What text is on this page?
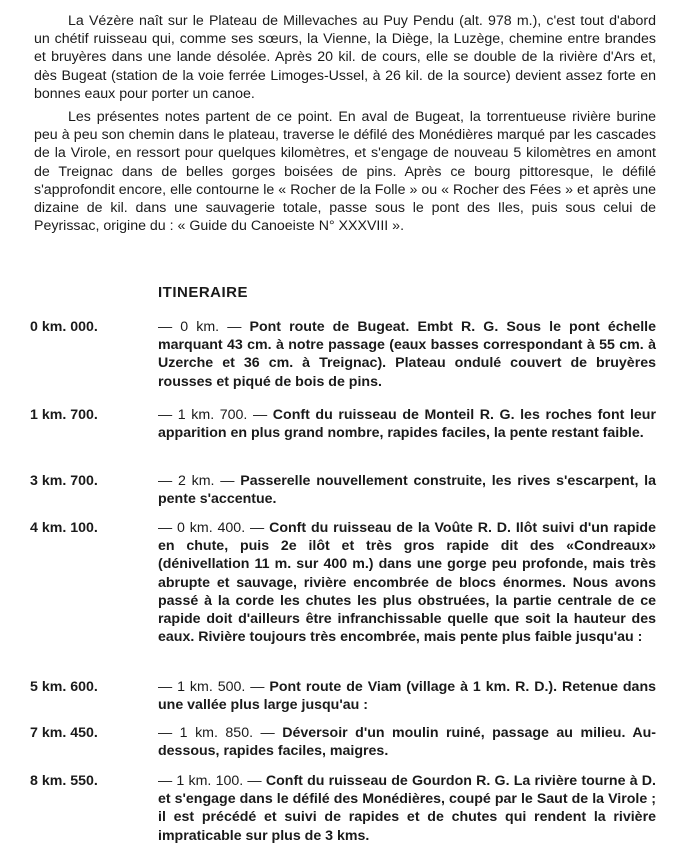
La Vézère naît sur le Plateau de Millevaches au Puy Pendu (alt. 978 m.), c'est tout d'abord un chétif ruisseau qui, comme ses sœurs, la Vienne, la Diège, la Luzège, chemine entre brandes et bruyères dans une lande désolée. Après 20 kil. de cours, elle se double de la rivière d'Ars et, dès Bugeat (station de la voie ferrée Limoges-Ussel, à 26 kil. de la source) devient assez forte en bonnes eaux pour porter un canoe.

Les présentes notes partent de ce point. En aval de Bugeat, la torrentueuse rivière burine peu à peu son chemin dans le plateau, traverse le défilé des Monédières marqué par les cascades de la Virole, en ressort pour quelques kilomètres, et s'engage de nouveau 5 kilomètres en amont de Treignac dans de belles gorges boisées de pins. Après ce bourg pittoresque, le défilé s'approfondit encore, elle contourne le « Rocher de la Folle » ou « Rocher des Fées » et après une dizaine de kil. dans une sauvagerie totale, passe sous le pont des Iles, puis sous celui de Peyrissac, origine du : « Guide du Canoeiste N° XXXVIII ».

ITINERAIRE
0 km. 000.	— 0 km. — Pont route de Bugeat. Embt R. G. Sous le pont échelle marquant 43 cm. à notre passage (eaux basses correspondant à 55 cm. à Uzerche et 36 cm. à Treignac). Plateau ondulé couvert de bruyères rousses et piqué de bois de pins.
1 km. 700.	— 1 km. 700. — Conft du ruisseau de Monteil R. G. les roches font leur apparition en plus grand nombre, rapides faciles, la pente restant faible.
3 km. 700.	— 2 km. — Passerelle nouvellement construite, les rives s'escarpent, la pente s'accentue.
4 km. 100.	— 0 km. 400. — Conft du ruisseau de la Voûte R. D. Ilôt suivi d'un rapide en chute, puis 2e ilôt et très gros rapide dit des «Condreaux» (dénivellation 11 m. sur 400 m.) dans une gorge peu profonde, mais très abrupte et sauvage, rivière encombrée de blocs énormes. Nous avons passé à la corde les chutes les plus obstruées, la partie centrale de ce rapide doit d'ailleurs être infranchissable quelle que soit la hauteur des eaux. Rivière toujours très encombrée, mais pente plus faible jusqu'au :
5 km. 600.	— 1 km. 500. — Pont route de Viam (village à 1 km. R. D.). Retenue dans une vallée plus large jusqu'au :
7 km. 450.	— 1 km. 850. — Déversoir d'un moulin ruiné, passage au milieu. Au-dessous, rapides faciles, maigres.
8 km. 550.	— 1 km. 100. — Conft du ruisseau de Gourdon R. G. La rivière tourne à D. et s'engage dans le défilé des Monédières, coupé par le Saut de la Virole ; il est précédé et suivi de rapides et de chutes qui rendent la rivière impraticable sur plus de 3 kms.
